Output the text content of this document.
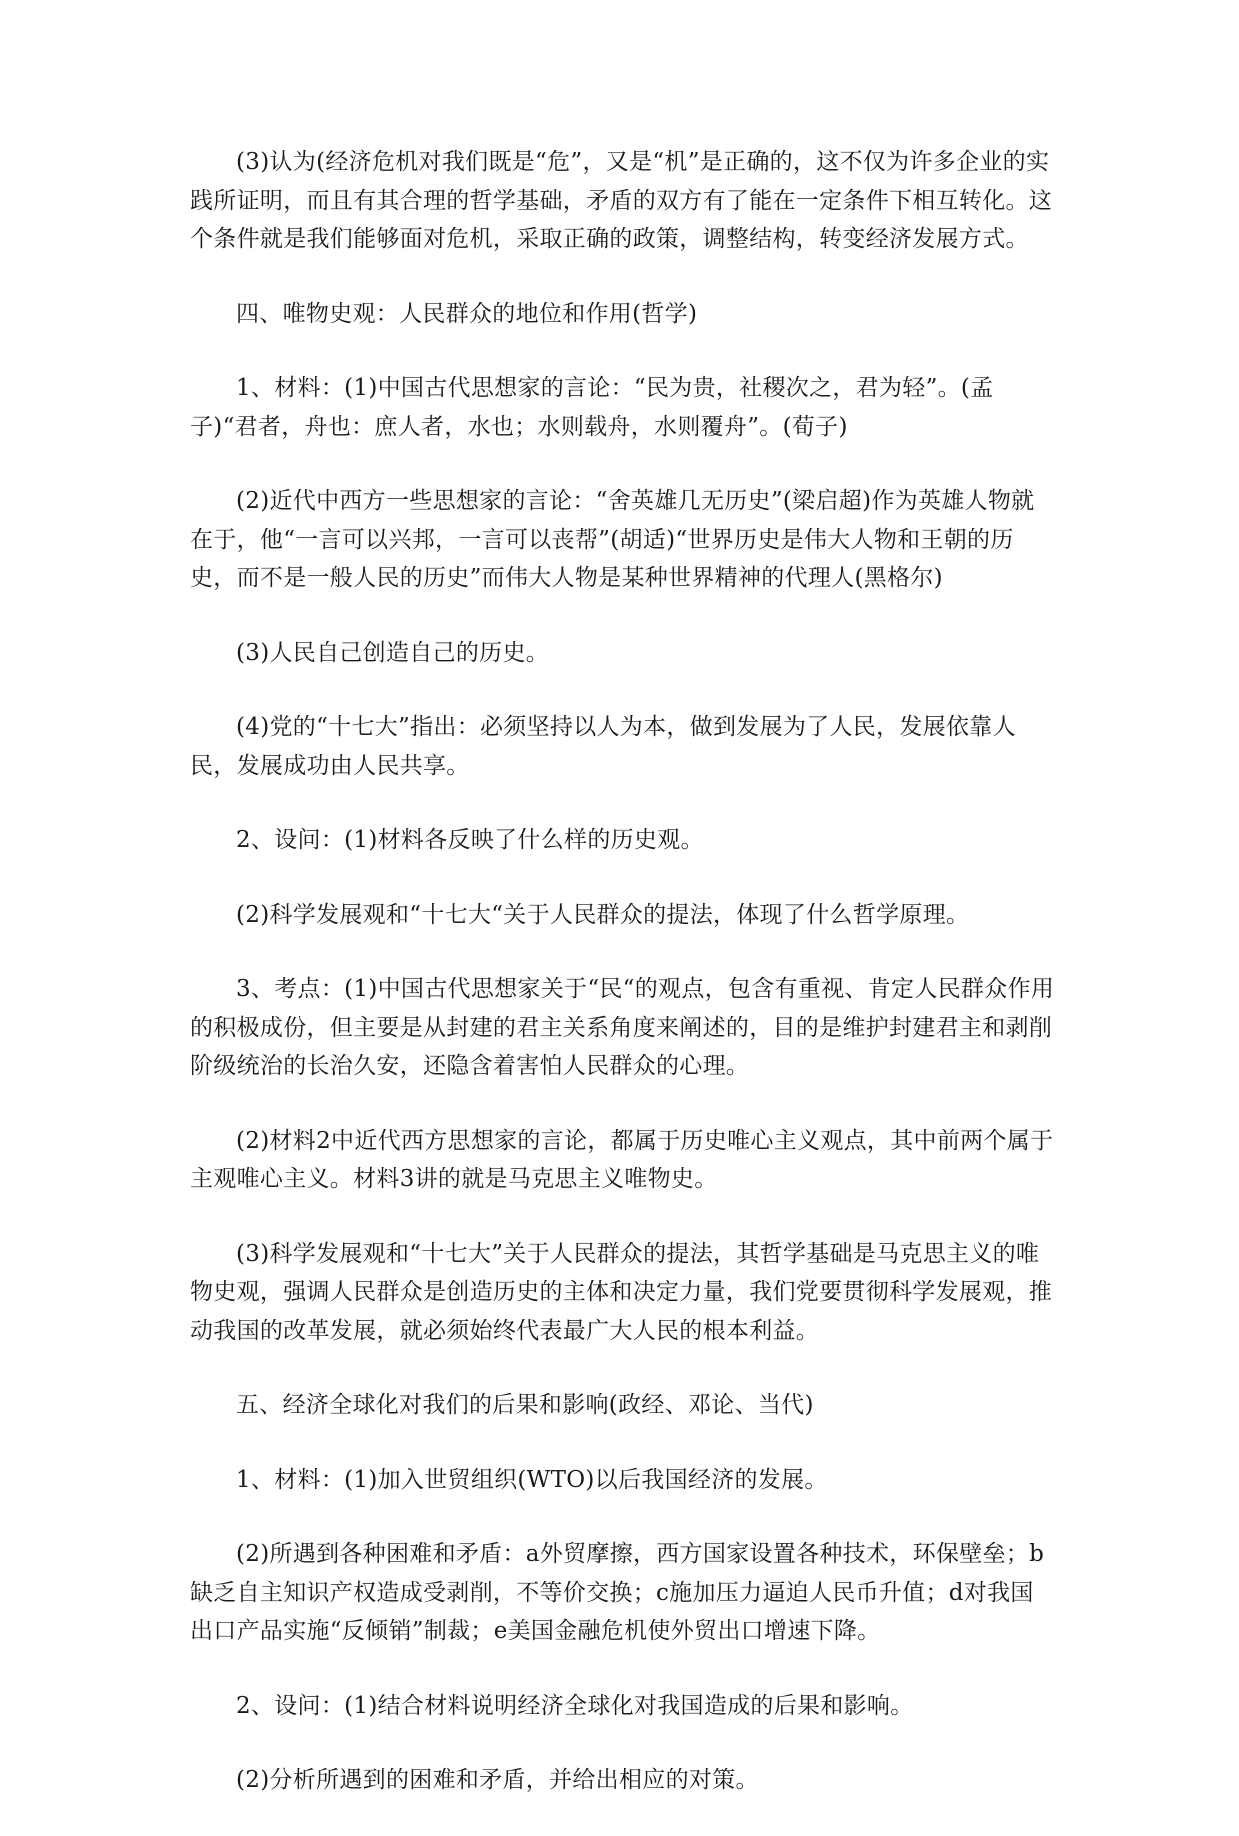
(3)认为(经济危机对我们既是“危”，又是“机”是正确的，这不仅为许多企业的实践所证明，而且有其合理的哲学基础，矛盾的双方有了能在一定条件下相互转化。这个条件就是我们能够面对危机，采取正确的政策，调整结构，转变经济发展方式。

四、唯物史观：人民群众的地位和作用(哲学)

1、材料：(1)中国古代思想家的言论：“民为贵，社稷次之，君为轻”。(孟子)“君者，舟也：庶人者，水也；水则载舟，水则覆舟”。(荀子)

(2)近代中西方一些思想家的言论：“舍英雄几无历史”(梁启超)作为英雄人物就在于，他“一言可以兴邦，一言可以丧帮”(胡适)“世界历史是伟大人物和王朝的历史，而不是一般人民的历史”而伟大人物是某种世界精神的代理人(黑格尔)

(3)人民自己创造自己的历史。

(4)党的“十七大”指出：必须坚持以人为本，做到发展为了人民，发展依靠人民，发展成功由人民共享。

2、设问：(1)材料各反映了什么样的历史观。

(2)科学发展观和“十七大“关于人民群众的提法，体现了什么哲学原理。

3、考点：(1)中国古代思想家关于“民“的观点，包含有重视、肯定人民群众作用的积极成份，但主要是从封建的君主关系角度来阐述的，目的是维护封建君主和剥削阶级统治的长治久安，还隐含着害怕人民群众的心理。

(2)材料2中近代西方思想家的言论，都属于历史唯心主义观点，其中前两个属于主观唯心主义。材料3讲的就是马克思主义唯物史。

(3)科学发展观和“十七大”关于人民群众的提法，其哲学基础是马克思主义的唯物史观，强调人民群众是创造历史的主体和决定力量，我们党要贯彻科学发展观，推动我国的改革发展，就必须始终代表最广大人民的根本利益。

五、经济全球化对我们的后果和影响(政经、邓论、当代)

1、材料：(1)加入世贸组织(WTO)以后我国经济的发展。

(2)所遇到各种困难和矛盾：a外贸摩擦，西方国家设置各种技术，环保壁垒；b缺乏自主知识产权造成受剥削，不等价交换；c施加压力逼迫人民币升值；d对我国出口产品实施“反倾销”制裁；e美国金融危机使外贸出口增速下降。

2、设问：(1)结合材料说明经济全球化对我国造成的后果和影响。

(2)分析所遇到的困难和矛盾，并给出相应的对策。
